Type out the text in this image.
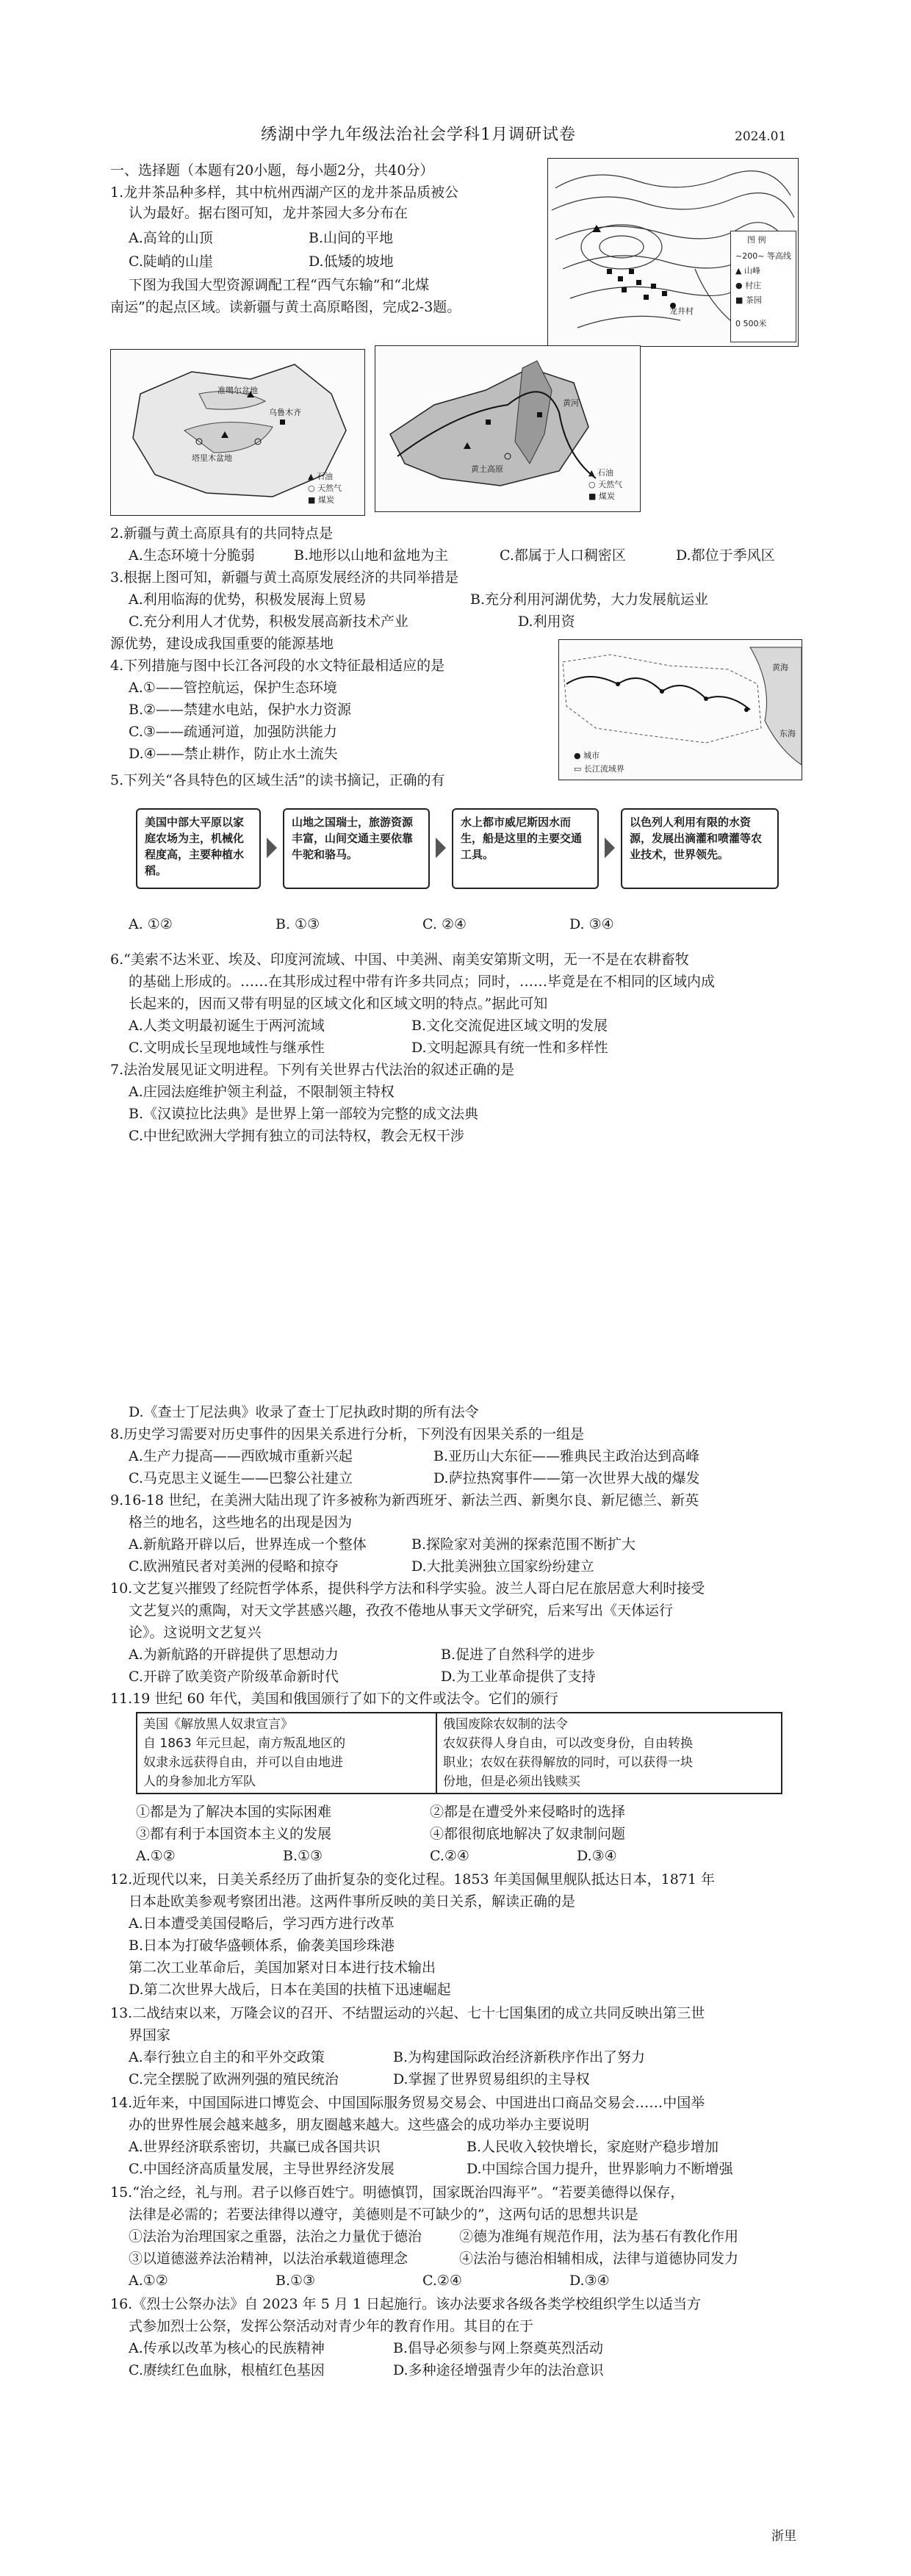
绣湖中学九年级法治社会学科1月调研试卷	2024.01
一、选择题（本题有20小题，每小题2分，共40分）
1.龙井茶品种多样，其中杭州西湖产区的龙井茶品质被公
认为最好。据右图可知，龙井茶园大多分布在
A.高耸的山顶	B.山间的平地
C.陡峭的山崖	D.低矮的坡地
龙井村
图 例
~200~ 等高线
▲ 山峰
● 村庄
■ 茶园
0 500米
下图为我国大型资源调配工程“西气东输”和“北煤
南运”的起点区域。读新疆与黄土高原略图，完成2-3题。
塔里木盆地
准噶尔盆地
乌鲁木齐
▲ 石油
○ 天然气
■ 煤炭
黄土高原
黄河
▲ 石油
○ 天然气
■ 煤炭
2.新疆与黄土高原具有的共同特点是
A.生态环境十分脆弱	B.地形以山地和盆地为主	C.都属于人口稠密区	D.都位于季风区
3.根据上图可知，新疆与黄土高原发展经济的共同举措是
A.利用临海的优势，积极发展海上贸易	B.充分利用河湖优势，大力发展航运业
C.充分利用人才优势，积极发展高新技术产业	D.利用资
源优势，建设成我国重要的能源基地
4.下列措施与图中长江各河段的水文特征最相适应的是
A.①——管控航运，保护生态环境
B.②——禁建水电站，保护水力资源
C.③——疏通河道，加强防洪能力
D.④——禁止耕作，防止水土流失
黄海
东海
● 城市
▭ 长江流域界
5.下列关“各具特色的区域生活”的读书摘记，正确的有
美国中部大平原以家庭农场为主，机械化程度高，主要种植水稻。
山地之国瑞士，旅游资源丰富，山间交通主要依靠牛驼和骆马。
水上都市威尼斯因水而生，船是这里的主要交通工具。
以色列人利用有限的水资源，发展出滴灌和喷灌等农业技术，世界领先。
A. ①②	B. ①③	C. ②④	D. ③④
6.“美索不达米亚、埃及、印度河流域、中国、中美洲、南美安第斯文明，无一不是在农耕畜牧
的基础上形成的。……在其形成过程中带有许多共同点；同时，……毕竟是在不相同的区域内成
长起来的，因而又带有明显的区域文化和区域文明的特点。”据此可知
A.人类文明最初诞生于两河流域	B.文化交流促进区域文明的发展
C.文明成长呈现地域性与继承性	D.文明起源具有统一性和多样性
7.法治发展见证文明进程。下列有关世界古代法治的叙述正确的是
A.庄园法庭维护领主利益，不限制领主特权
B.《汉谟拉比法典》是世界上第一部较为完整的成文法典
C.中世纪欧洲大学拥有独立的司法特权，教会无权干涉
D.《查士丁尼法典》收录了查士丁尼执政时期的所有法令
8.历史学习需要对历史事件的因果关系进行分析，下列没有因果关系的一组是
A.生产力提高——西欧城市重新兴起	B.亚历山大东征——雅典民主政治达到高峰
C.马克思主义诞生——巴黎公社建立	D.萨拉热窝事件——第一次世界大战的爆发
9.16-18 世纪，在美洲大陆出现了许多被称为新西班牙、新法兰西、新奥尔良、新尼德兰、新英
格兰的地名，这些地名的出现是因为
A.新航路开辟以后，世界连成一个整体	B.探险家对美洲的探索范围不断扩大
C.欧洲殖民者对美洲的侵略和掠夺	D.大批美洲独立国家纷纷建立
10.文艺复兴摧毁了经院哲学体系，提供科学方法和科学实验。波兰人哥白尼在旅居意大利时接受
文艺复兴的熏陶，对天文学甚感兴趣，孜孜不倦地从事天文学研究，后来写出《天体运行
论》。这说明文艺复兴
A.为新航路的开辟提供了思想动力	B.促进了自然科学的进步
C.开辟了欧美资产阶级革命新时代	D.为工业革命提供了支持
11.19 世纪 60 年代，美国和俄国颁行了如下的文件或法令。它们的颁行
美国《解放黑人奴隶宣言》
自 1863 年元旦起，南方叛乱地区的
奴隶永远获得自由，并可以自由地进
人的身参加北方军队

俄国废除农奴制的法令
农奴获得人身自由，可以改变身份，自由转换
职业；农奴在获得解放的同时，可以获得一块
份地，但是必须出钱赎买
①都是为了解决本国的实际困难	②都是在遭受外来侵略时的选择
③都有利于本国资本主义的发展	④都很彻底地解决了奴隶制问题
A.①②	B.①③	C.②④	D.③④
12.近现代以来，日美关系经历了曲折复杂的变化过程。1853 年美国佩里舰队抵达日本，1871 年
日本赴欧美参观考察团出港。这两件事所反映的美日关系，解读正确的是
A.日本遭受美国侵略后，学习西方进行改革
B.日本为打破华盛顿体系，偷袭美国珍珠港
第二次工业革命后，美国加紧对日本进行技术输出
D.第二次世界大战后，日本在美国的扶植下迅速崛起
13.二战结束以来，万隆会议的召开、不结盟运动的兴起、七十七国集团的成立共同反映出第三世
界国家
A.奉行独立自主的和平外交政策	B.为构建国际政治经济新秩序作出了努力
C.完全摆脱了欧洲列强的殖民统治	D.掌握了世界贸易组织的主导权
14.近年来，中国国际进口博览会、中国国际服务贸易交易会、中国进出口商品交易会……中国举
办的世界性展会越来越多，朋友圈越来越大。这些盛会的成功举办主要说明
A.世界经济联系密切，共赢已成各国共识	B.人民收入较快增长，家庭财产稳步增加
C.中国经济高质量发展，主导世界经济发展	D.中国综合国力提升，世界影响力不断增强
15.“治之经，礼与刑。君子以修百姓宁。明德慎罚，国家既治四海平”。“若要美德得以保存，
法律是必需的；若要法律得以遵守，美德则是不可缺少的”，这两句话的思想共识是
①法治为治理国家之重器，法治之力量优于德治	②德为准绳有规范作用，法为基石有教化作用
③以道德滋养法治精神，以法治承载道德理念	④法治与德治相辅相成，法律与道德协同发力
A.①②	B.①③	C.②④	D.③④
16.《烈士公祭办法》自 2023 年 5 月 1 日起施行。该办法要求各级各类学校组织学生以适当方
式参加烈士公祭，发挥公祭活动对青少年的教育作用。其目的在于
A.传承以改革为核心的民族精神	B.倡导必须参与网上祭奠英烈活动
C.赓续红色血脉，根植红色基因	D.多种途径增强青少年的法治意识
浙里
